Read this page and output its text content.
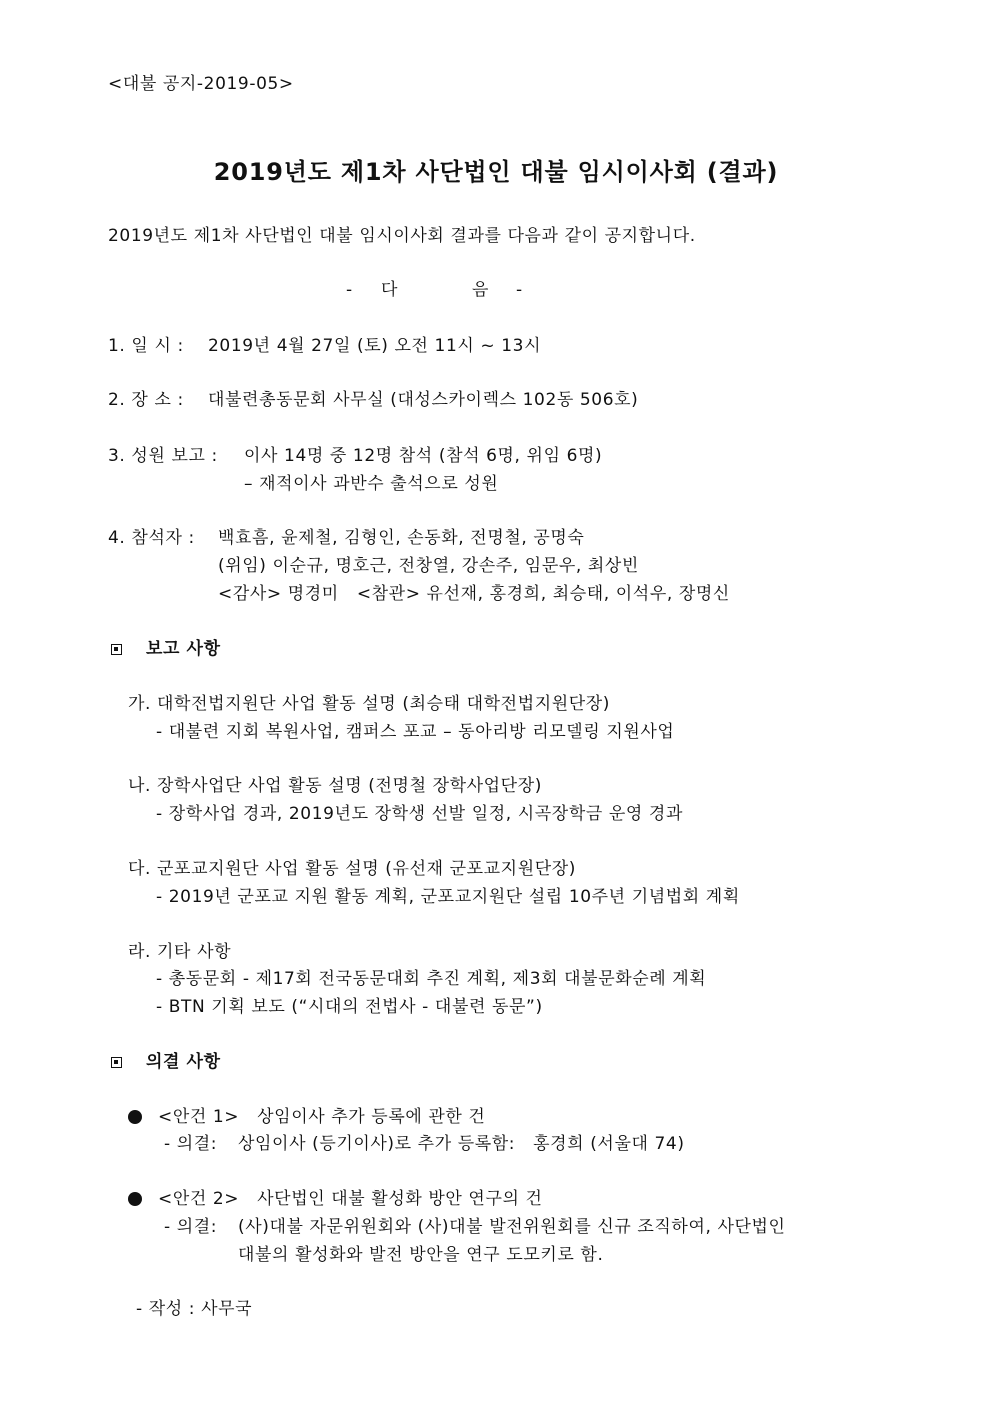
<대불 공지-2019-05>
2019년도 제1차 사단법인 대불 임시이사회 (결과)
2019년도 제1차 사단법인 대불 임시이사회 결과를 다음과 같이 공지합니다.
- 다	음 -
1. 일 시 : 2019년 4월 27일 (토) 오전 11시 ~ 13시
2. 장 소 : 대불련총동문회 사무실 (대성스카이렉스 102동 506호)
3. 성원 보고 : 이사 14명 중 12명 참석 (참석 6명, 위임 6명)
– 재적이사 과반수 출석으로 성원
4. 참석자 : 백효흠, 윤제철, 김형인, 손동화, 전명철, 공명숙
(위임) 이순규, 명호근, 전창열, 강손주, 임문우, 최상빈
<감사> 명경미   <참관> 유선재, 홍경희, 최승태, 이석우, 장명신
보고 사항
가. 대학전법지원단 사업 활동 설명 (최승태 대학전법지원단장)
- 대불련 지회 복원사업, 캠퍼스 포교 – 동아리방 리모델링 지원사업
나. 장학사업단 사업 활동 설명 (전명철 장학사업단장)
- 장학사업 경과, 2019년도 장학생 선발 일정, 시곡장학금 운영 경과
다. 군포교지원단 사업 활동 설명 (유선재 군포교지원단장)
- 2019년 군포교 지원 활동 계획, 군포교지원단 설립 10주년 기념법회 계획
라. 기타 사항
- 총동문회 - 제17회 전국동문대회 추진 계획, 제3회 대불문화순례 계획
- BTN 기획 보도 (“시대의 전법사 - 대불련 동문”)
의결 사항
<안건 1>   상임이사 추가 등록에 관한 건
- 의결: 상임이사 (등기이사)로 추가 등록함:   홍경희 (서울대 74)
<안건 2>   사단법인 대불 활성화 방안 연구의 건
- 의결: (사)대불 자문위원회와 (사)대불 발전위원회를 신규 조직하여, 사단법인
대불의 활성화와 발전 방안을 연구 도모키로 함.
- 작성 : 사무국
